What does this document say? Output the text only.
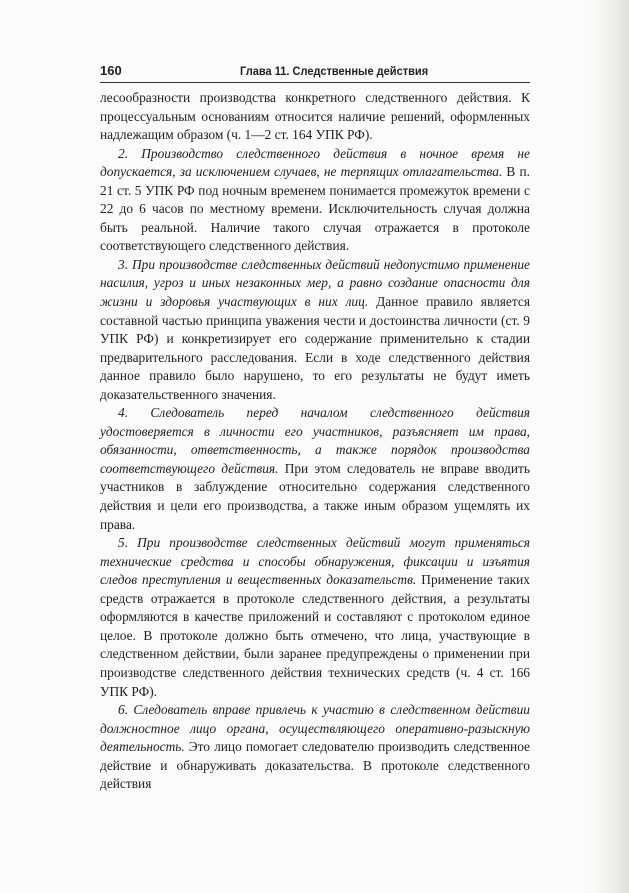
160	Глава 11. Следственные действия

лесообразности производства конкретного следственного действия. К процессуальным основаниям относится наличие решений, оформленных надлежащим образом (ч. 1—2 ст. 164 УПК РФ).

2. Производство следственного действия в ночное время не допускается, за исключением случаев, не терпящих отлагательства. В п. 21 ст. 5 УПК РФ под ночным временем понимается промежуток времени с 22 до 6 часов по местному времени. Исключительность случая должна быть реальной. Наличие такого случая отражается в протоколе соответствующего следственного действия.

3. При производстве следственных действий недопустимо применение насилия, угроз и иных незаконных мер, а равно создание опасности для жизни и здоровья участвующих в них лиц. Данное правило является составной частью принципа уважения чести и достоинства личности (ст. 9 УПК РФ) и конкретизирует его содержание применительно к стадии предварительного расследования. Если в ходе следственного действия данное правило было нарушено, то его результаты не будут иметь доказательственного значения.

4. Следователь перед началом следственного действия удостоверяется в личности его участников, разъясняет им права, обязанности, ответственность, а также порядок производства соответствующего действия. При этом следователь не вправе вводить участников в заблуждение относительно содержания следственного действия и цели его производства, а также иным образом ущемлять их права.

5. При производстве следственных действий могут применяться технические средства и способы обнаружения, фиксации и изъятия следов преступления и вещественных доказательств. Применение таких средств отражается в протоколе следственного действия, а результаты оформляются в качестве приложений и составляют с протоколом единое целое. В протоколе должно быть отмечено, что лица, участвующие в следственном действии, были заранее предупреждены о применении при производстве следственного действия технических средств (ч. 4 ст. 166 УПК РФ).

6. Следователь вправе привлечь к участию в следственном действии должностное лицо органа, осуществляющего оперативно-разыскную деятельность. Это лицо помогает следователю производить следственное действие и обнаруживать доказательства. В протоколе следственного действия
